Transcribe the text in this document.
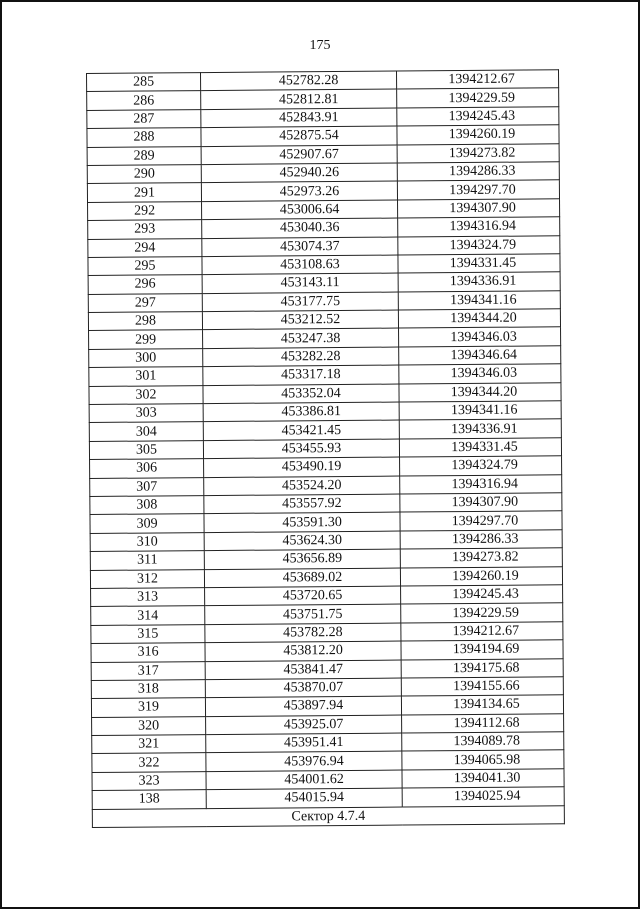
175
285	452782.28	1394212.67
286	452812.81	1394229.59
287	452843.91	1394245.43
288	452875.54	1394260.19
289	452907.67	1394273.82
290	452940.26	1394286.33
291	452973.26	1394297.70
292	453006.64	1394307.90
293	453040.36	1394316.94
294	453074.37	1394324.79
295	453108.63	1394331.45
296	453143.11	1394336.91
297	453177.75	1394341.16
298	453212.52	1394344.20
299	453247.38	1394346.03
300	453282.28	1394346.64
301	453317.18	1394346.03
302	453352.04	1394344.20
303	453386.81	1394341.16
304	453421.45	1394336.91
305	453455.93	1394331.45
306	453490.19	1394324.79
307	453524.20	1394316.94
308	453557.92	1394307.90
309	453591.30	1394297.70
310	453624.30	1394286.33
311	453656.89	1394273.82
312	453689.02	1394260.19
313	453720.65	1394245.43
314	453751.75	1394229.59
315	453782.28	1394212.67
316	453812.20	1394194.69
317	453841.47	1394175.68
318	453870.07	1394155.66
319	453897.94	1394134.65
320	453925.07	1394112.68
321	453951.41	1394089.78
322	453976.94	1394065.98
323	454001.62	1394041.30
138	454015.94	1394025.94
Сектор 4.7.4		
